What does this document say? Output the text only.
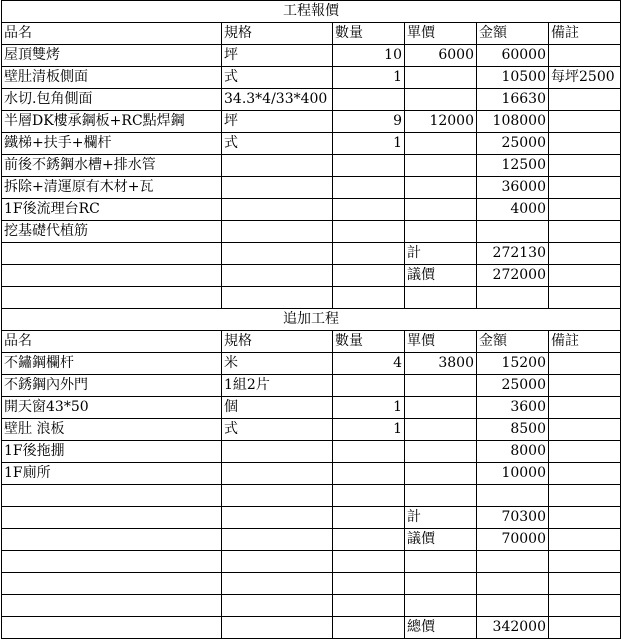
工程報價					
品名	規格	數量	單價	金額	備註
屋頂雙烤	坪	10	6000	60000	
壁肚清板側面	式	1		10500	每坪2500
水切.包角側面	34.3*4/33*400			16630	
半層DK樓承鋼板+RC點焊鋼	坪	9	12000	108000	
鐵梯+扶手+欄杆	式	1		25000	
前後不銹鋼水槽+排水管				12500	
拆除+清運原有木材+瓦				36000	
1F後流理台RC				4000	
挖基礎代植筋					
			計	272130	
			議價	272000	

追加工程					
品名	規格	數量	單價	金額	備註
不鏽鋼欄杆	米	4	3800	15200	
不銹鋼內外門	1組2片			25000	
開天窗43*50	個	1		3600	
壁肚 浪板	式	1		8500	
1F後拖掤				8000	
1F廁所				10000	

			計	70300	
			議價	70000	

			總價	342000	
